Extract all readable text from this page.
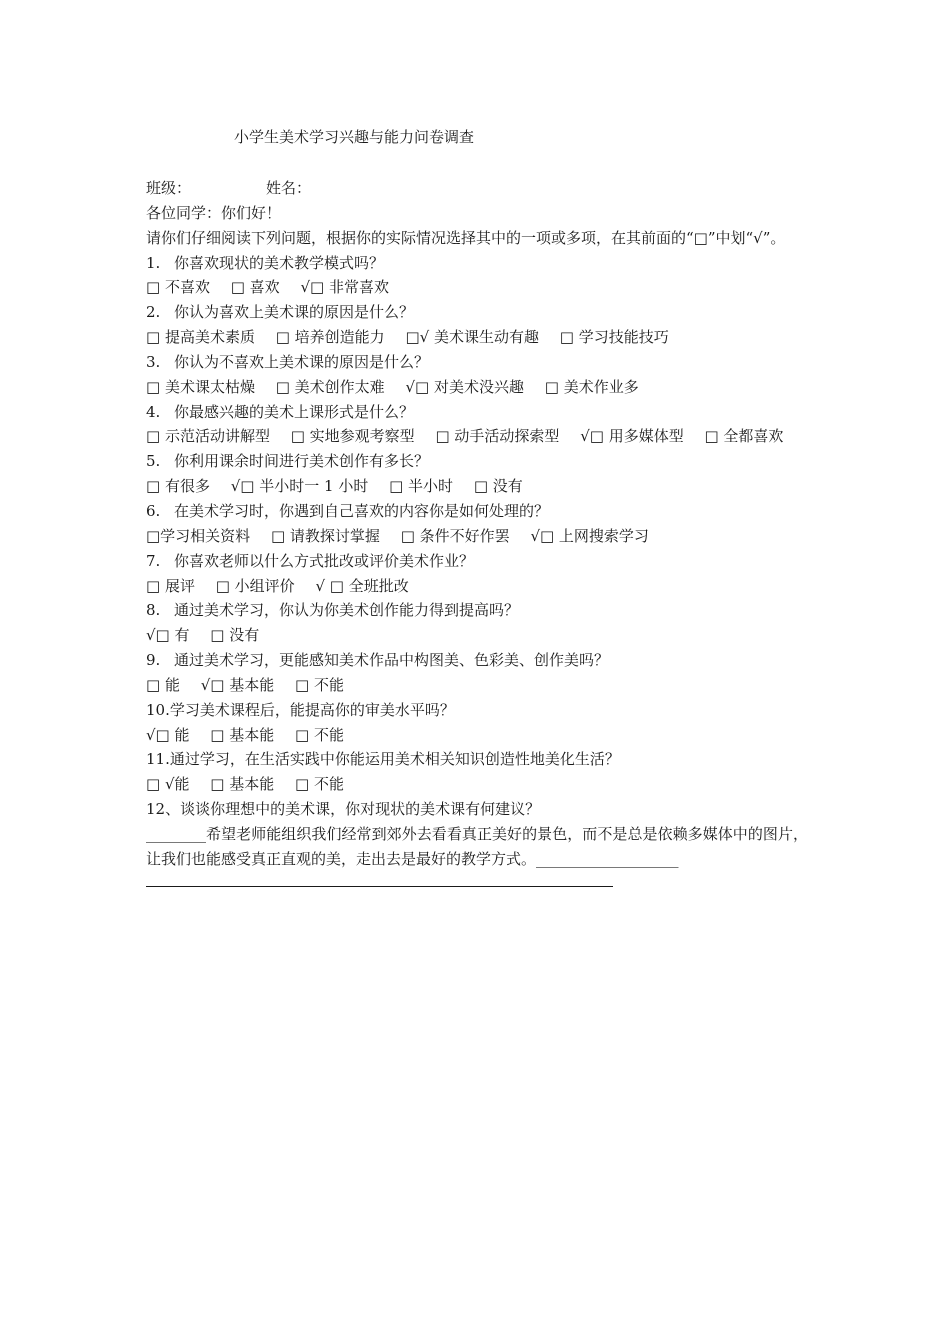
小学生美术学习兴趣与能力问卷调查
班级：	姓名：
各位同学：你们好！
请你们仔细阅读下列问题，根据你的实际情况选择其中的一项或多项，在其前面的“□”中划“√”。
1. 你喜欢现状的美术教学模式吗？
□ 不喜欢 □ 喜欢 √□ 非常喜欢
2. 你认为喜欢上美术课的原因是什么？
□ 提高美术素质 □ 培养创造能力 □√ 美术课生动有趣 □ 学习技能技巧
3. 你认为不喜欢上美术课的原因是什么？
□ 美术课太枯燥 □ 美术创作太难 √□ 对美术没兴趣 □ 美术作业多
4. 你最感兴趣的美术上课形式是什么？
□ 示范活动讲解型 □ 实地参观考察型 □ 动手活动探索型 √□ 用多媒体型 □ 全都喜欢
5. 你利用课余时间进行美术创作有多长？
□ 有很多 √□ 半小时一 1 小时 □ 半小时 □ 没有
6. 在美术学习时，你遇到自己喜欢的内容你是如何处理的？
□学习相关资料 □ 请教探讨掌握 □ 条件不好作罢 √□ 上网搜索学习
7. 你喜欢老师以什么方式批改或评价美术作业？
□ 展评 □ 小组评价 √ □ 全班批改
8. 通过美术学习，你认为你美术创作能力得到提高吗？
√□ 有 □ 没有
9. 通过美术学习，更能感知美术作品中构图美、色彩美、创作美吗？
□ 能 √□ 基本能 □ 不能
10.学习美术课程后，能提高你的审美水平吗？
√□ 能 □ 基本能 □ 不能
11.通过学习，在生活实践中你能运用美术相关知识创造性地美化生活？
□ √能 □ 基本能 □ 不能
12、谈谈你理想中的美术课，你对现状的美术课有何建议？
________希望老师能组织我们经常到郊外去看看真正美好的景色，而不是总是依赖多媒体中的图片，让我们也能感受真正直观的美，走出去是最好的教学方式。___________________
